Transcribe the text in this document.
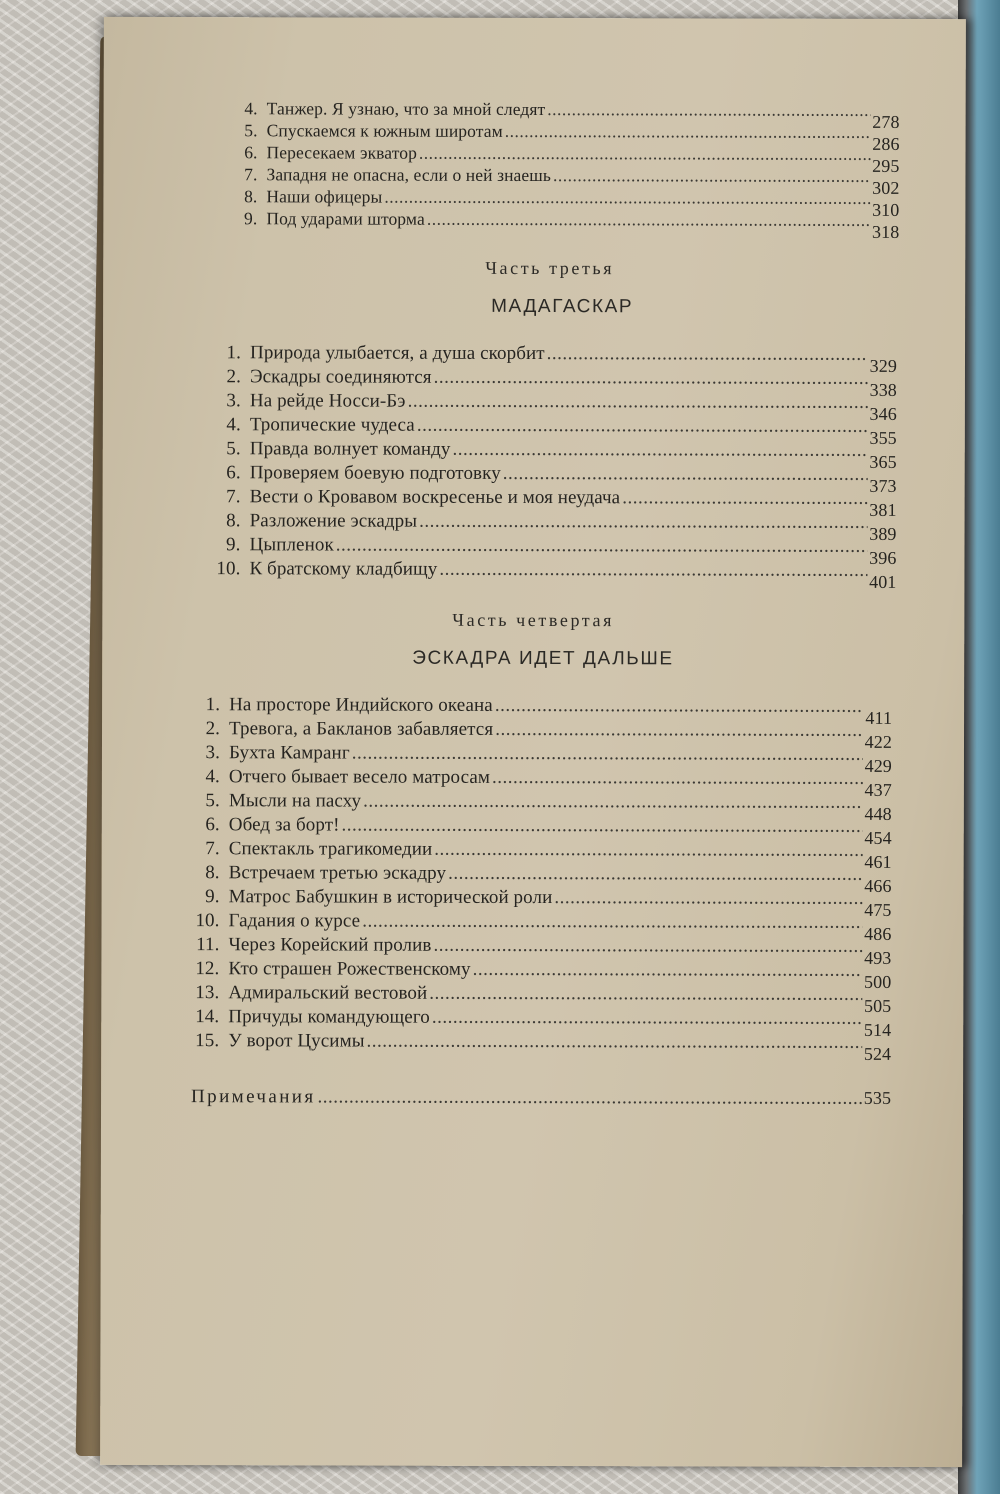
4. Танжер. Я узнаю, что за мной следят
.....
278
5. Спускаемся к южным широтам
.....
286
6. Пересекаем экватор
.....
295
7. Западня не опасна, если о ней знаешь
.....
302
8. Наши офицеры
.....
310
9. Под ударами шторма
.....
318
Часть третья
МАДАГАСКАР
1. Природа улыбается, а душа скорбит
.....
329
2. Эскадры соединяются
.....
338
3. На рейде Носси-Бэ
.....
346
4. Тропические чудеса
.....
355
5. Правда волнует команду
.....
365
6. Проверяем боевую подготовку
.....
373
7. Вести о Кровавом воскресенье и моя неудача
.....
381
8. Разложение эскадры
.....
389
9. Цыпленок
.....
396
10. К братскому кладбищу
.....
401
Часть четвертая
ЭСКАДРА ИДЕТ ДАЛЬШЕ
1. На просторе Индийского океана
.....
411
2. Тревога, а Бакланов забавляется
.....
422
3. Бухта Камранг
.....
429
4. Отчего бывает весело матросам
.....
437
5. Мысли на пасху
.....
448
6. Обед за борт!
.....
454
7. Спектакль трагикомедии
.....
461
8. Встречаем третью эскадру
.....
466
9. Матрос Бабушкин в исторической роли
.....
475
10. Гадания о курсе
.....
486
11. Через Корейский пролив
.....
493
12. Кто страшен Рожественскому
.....
500
13. Адмиральский вестовой
.....
505
14. Причуды командующего
.....
514
15. У ворот Цусимы
.....
524
Примечания
.....	535
